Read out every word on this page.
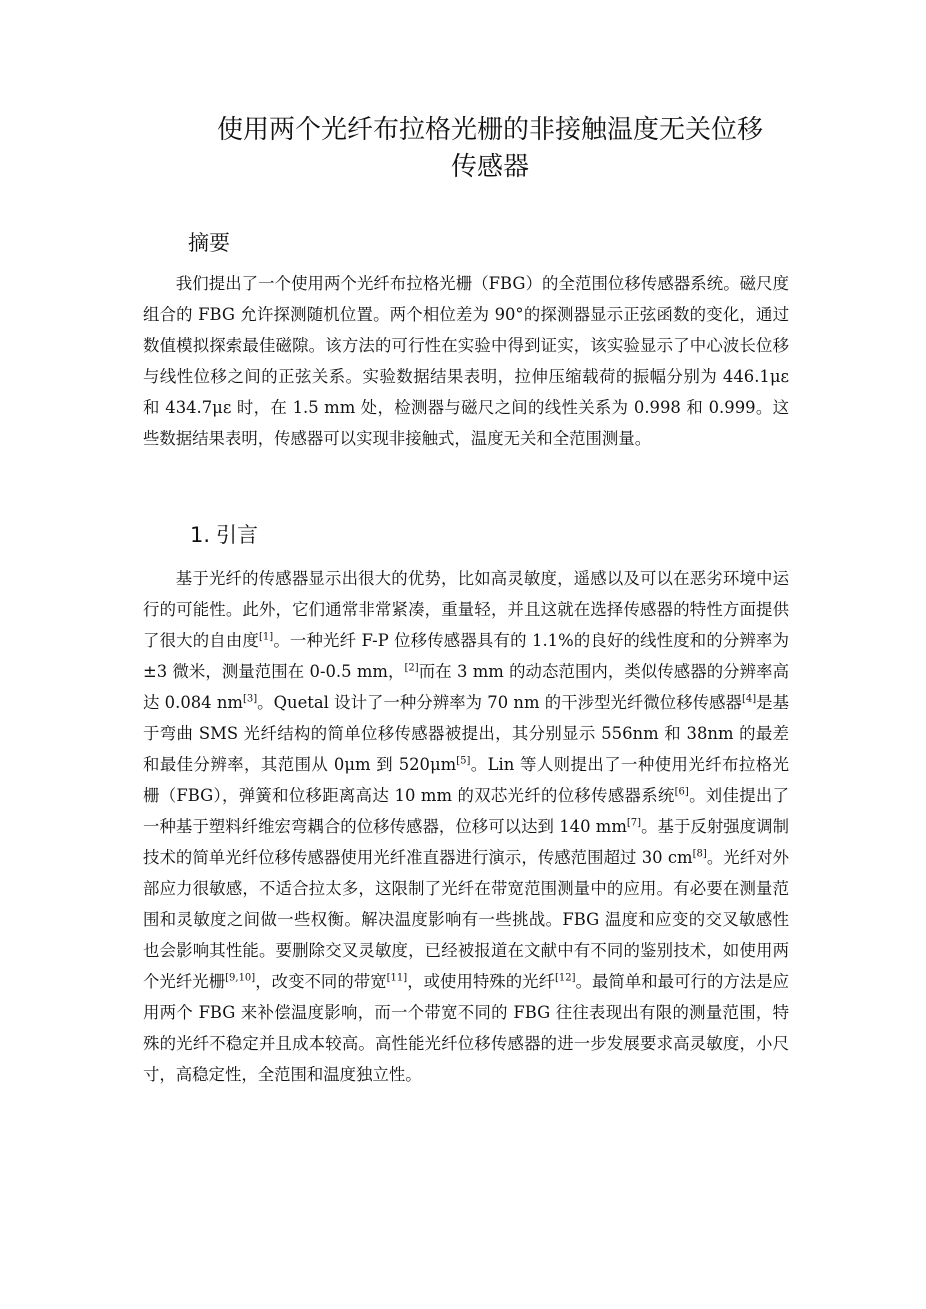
使用两个光纤布拉格光栅的非接触温度无关位移
传感器
摘要

我们提出了一个使用两个光纤布拉格光栅（FBG）的全范围位移传感器系统。磁尺度组合的 FBG 允许探测随机位置。两个相位差为 90°的探测器显示正弦函数的变化，通过数值模拟探索最佳磁隙。该方法的可行性在实验中得到证实，该实验显示了中心波长位移与线性位移之间的正弦关系。实验数据结果表明，拉伸压缩载荷的振幅分别为 446.1με 和 434.7με 时，在 1.5 mm 处，检测器与磁尺之间的线性关系为 0.998 和 0.999。这些数据结果表明，传感器可以实现非接触式，温度无关和全范围测量。

1. 引言

基于光纤的传感器显示出很大的优势，比如高灵敏度，遥感以及可以在恶劣环境中运行的可能性。此外，它们通常非常紧凑，重量轻，并且这就在选择传感器的特性方面提供了很大的自由度[1]。一种光纤 F-P 位移传感器具有的 1.1%的良好的线性度和的分辨率为±3 微米，测量范围在 0-0.5 mm，[2]而在 3 mm 的动态范围内，类似传感器的分辨率高达 0.084 nm[3]。Quetal 设计了一种分辨率为 70 nm 的干涉型光纤微位移传感器[4]是基于弯曲 SMS 光纤结构的简单位移传感器被提出，其分别显示 556nm 和 38nm 的最差和最佳分辨率，其范围从 0μm 到 520μm[5]。Lin 等人则提出了一种使用光纤布拉格光栅（FBG），弹簧和位移距离高达 10 mm 的双芯光纤的位移传感器系统[6]。刘佳提出了一种基于塑料纤维宏弯耦合的位移传感器，位移可以达到 140 mm[7]。基于反射强度调制技术的简单光纤位移传感器使用光纤准直器进行演示，传感范围超过 30 cm[8]。光纤对外部应力很敏感，不适合拉太多，这限制了光纤在带宽范围测量中的应用。有必要在测量范围和灵敏度之间做一些权衡。解决温度影响有一些挑战。FBG 温度和应变的交叉敏感性也会影响其性能。要删除交叉灵敏度，已经被报道在文献中有不同的鉴别技术，如使用两个光纤光栅[9,10]，改变不同的带宽[11]，或使用特殊的光纤[12]。最简单和最可行的方法是应用两个 FBG 来补偿温度影响，而一个带宽不同的 FBG 往往表现出有限的测量范围，特殊的光纤不稳定并且成本较高。高性能光纤位移传感器的进一步发展要求高灵敏度，小尺寸，高稳定性，全范围和温度独立性。
